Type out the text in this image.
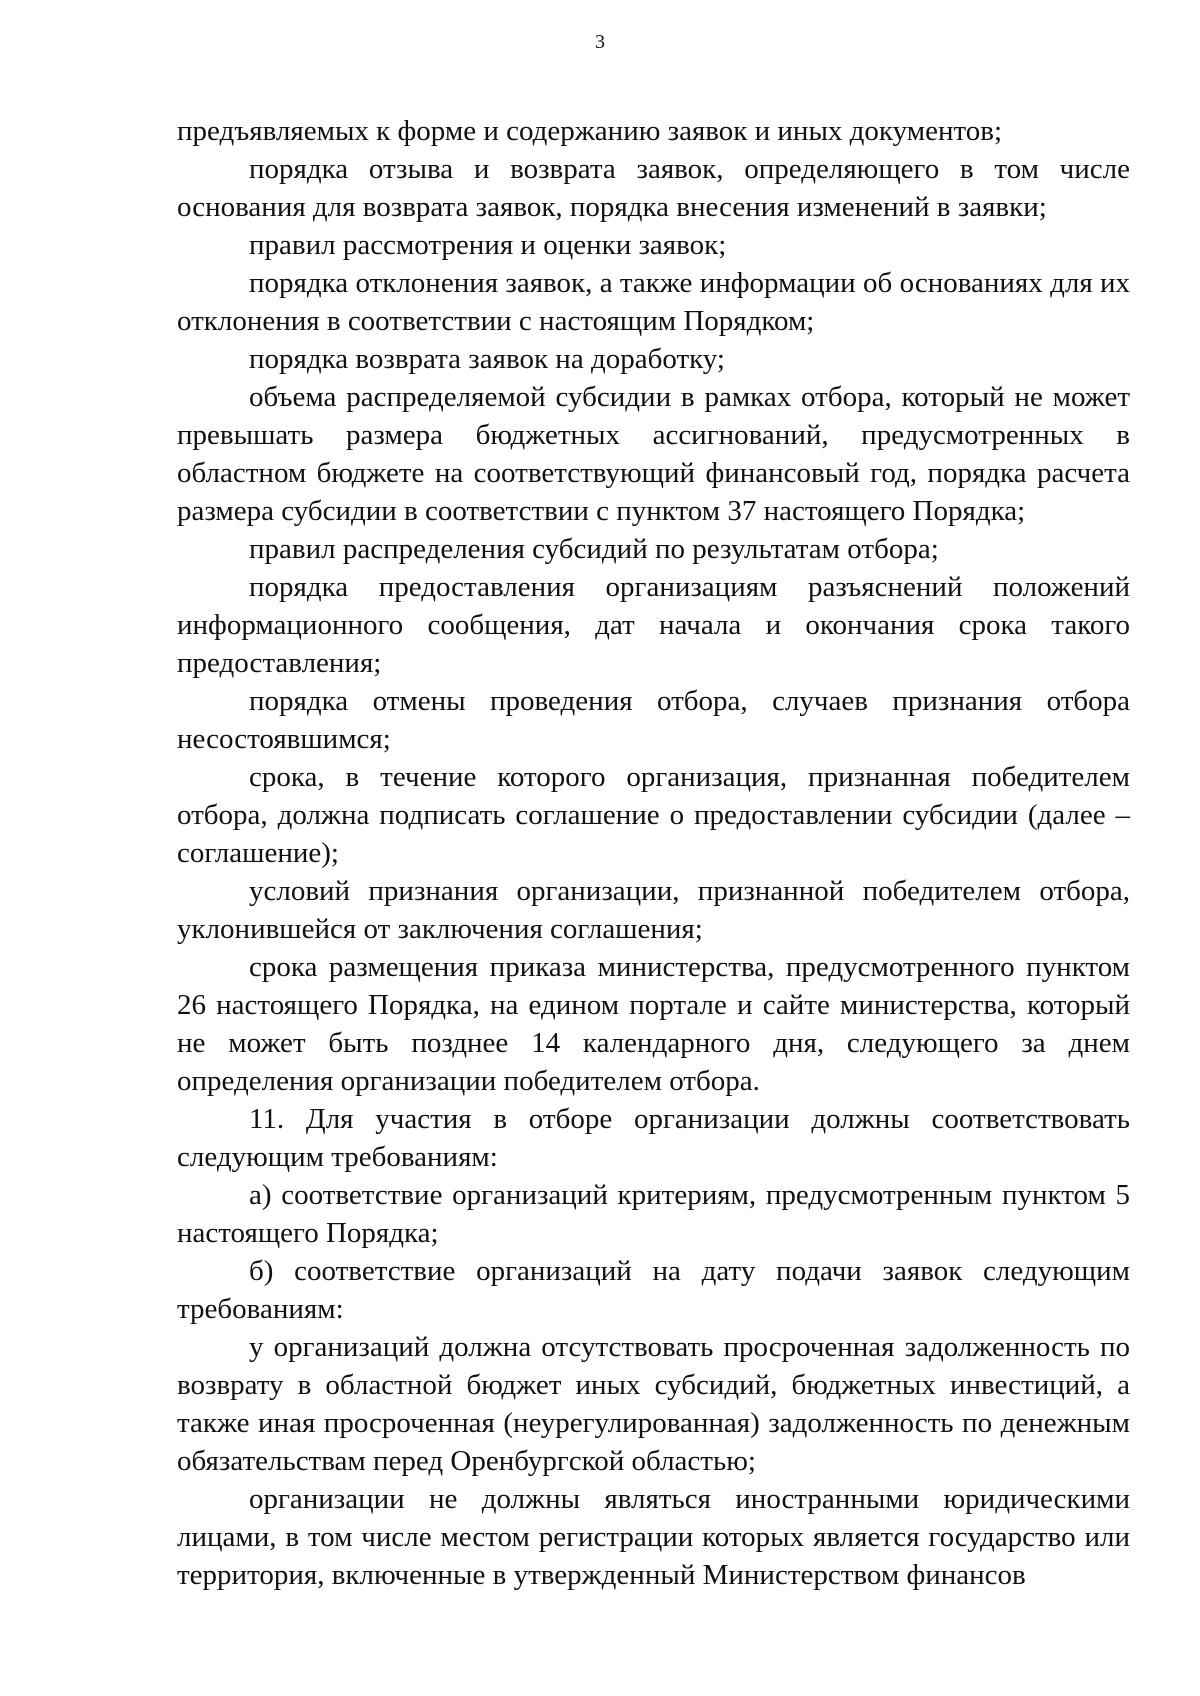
3

предъявляемых к форме и содержанию заявок и иных документов;

порядка отзыва и возврата заявок, определяющего в том числе основания для возврата заявок, порядка внесения изменений в заявки;

правил рассмотрения и оценки заявок;

порядка отклонения заявок, а также информации об основаниях для их отклонения в соответствии с настоящим Порядком;

порядка возврата заявок на доработку;

объема распределяемой субсидии в рамках отбора, который не может превышать размера бюджетных ассигнований, предусмотренных в областном бюджете на соответствующий финансовый год, порядка расчета размера субсидии в соответствии с пунктом 37 настоящего Порядка;

правил распределения субсидий по результатам отбора;

порядка предоставления организациям разъяснений положений информационного сообщения, дат начала и окончания срока такого предоставления;

порядка отмены проведения отбора, случаев признания отбора несостоявшимся;

срока, в течение которого организация, признанная победителем отбора, должна подписать соглашение о предоставлении субсидии (далее – соглашение);

условий признания организации, признанной победителем отбора, уклонившейся от заключения соглашения;

срока размещения приказа министерства, предусмотренного пунктом 26 настоящего Порядка, на едином портале и сайте министерства, который не может быть позднее 14 календарного дня, следующего за днем определения организации победителем отбора.

11. Для участия в отборе организации должны соответствовать следующим требованиям:

а) соответствие организаций критериям, предусмотренным пунктом 5 настоящего Порядка;

б) соответствие организаций на дату подачи заявок следующим требованиям:

у организаций должна отсутствовать просроченная задолженность по возврату в областной бюджет иных субсидий, бюджетных инвестиций, а также иная просроченная (неурегулированная) задолженность по денежным обязательствам перед Оренбургской областью;

организации не должны являться иностранными юридическими лицами, в том числе местом регистрации которых является государство или территория, включенные в утвержденный Министерством финансов
